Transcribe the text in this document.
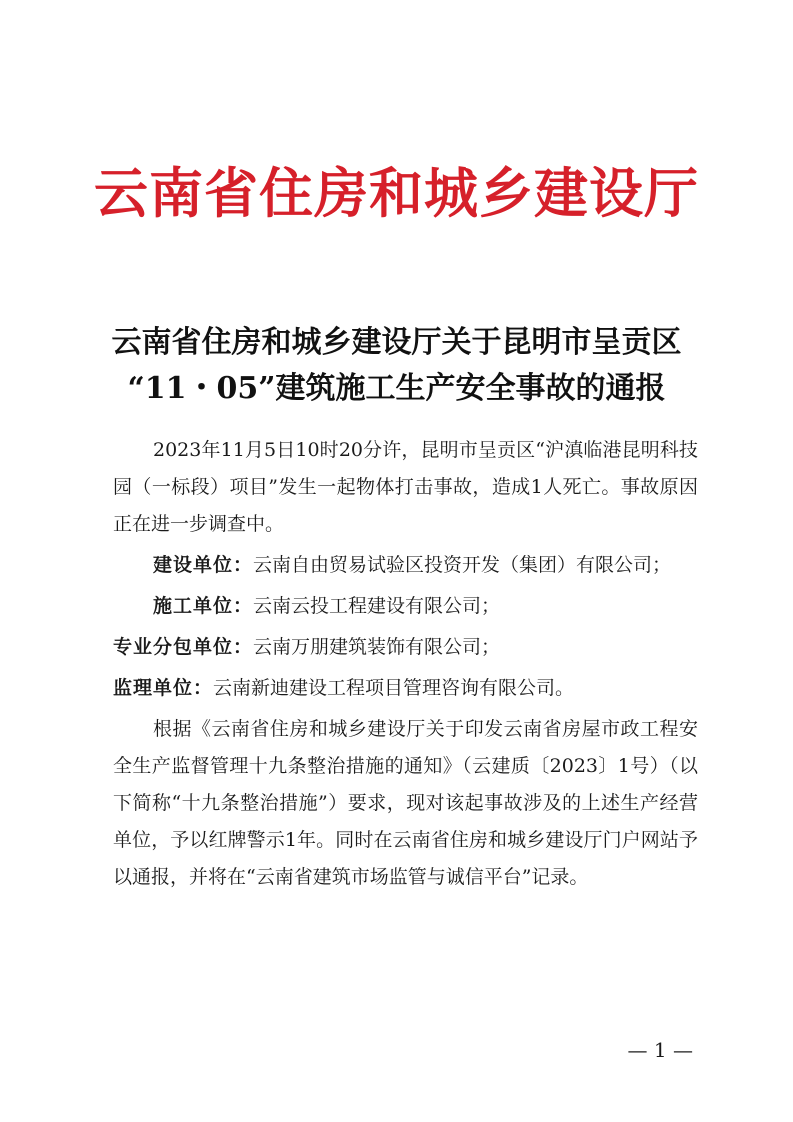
云南省住房和城乡建设厅
云南省住房和城乡建设厅关于昆明市呈贡区
“11・05”建筑施工生产安全事故的通报

2023年11月5日10时20分许，昆明市呈贡区“沪滇临港昆明科技园（一标段）项目”发生一起物体打击事故，造成1人死亡。事故原因正在进一步调查中。

建设单位：云南自由贸易试验区投资开发（集团）有限公司；

施工单位：云南云投工程建设有限公司；

专业分包单位：云南万朋建筑装饰有限公司；

监理单位：云南新迪建设工程项目管理咨询有限公司。

根据《云南省住房和城乡建设厅关于印发云南省房屋市政工程安全生产监督管理十九条整治措施的通知》（云建质〔2023〕1号）（以下简称“十九条整治措施”）要求，现对该起事故涉及的上述生产经营单位，予以红牌警示1年。同时在云南省住房和城乡建设厅门户网站予以通报，并将在“云南省建筑市场监管与诚信平台”记录。

— 1 —
